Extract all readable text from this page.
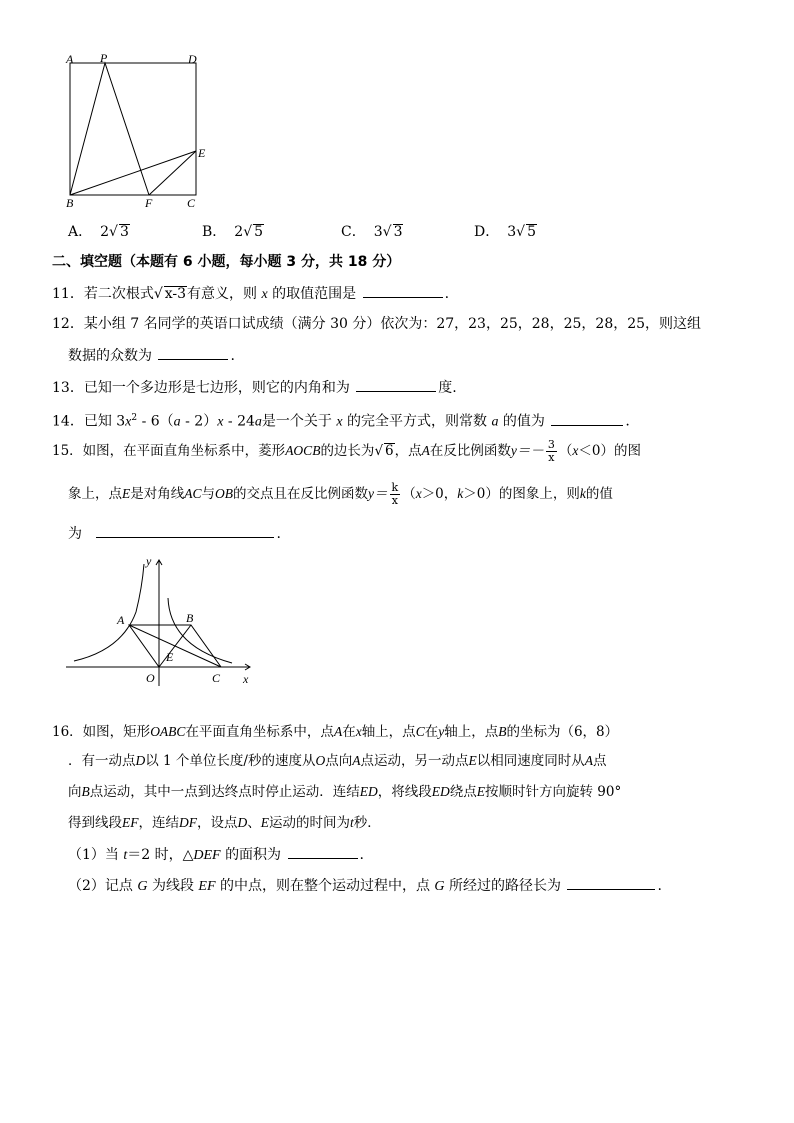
A P	D
E
B	F	C
A． 2√ 3	B． 2√ 5	C． 3√ 3	D． 3√ 5
二、填空题（本题有 6 小题，每小题 3 分，共 18 分）
11．若二次根式√ x-3有意义，则 x 的取值范围是	.
12．某小组 7 名同学的英语口试成绩（满分 30 分）依次为：27，23，25，28，25，28，25，则这组
数据的众数为	.
13．已知一个多边形是七边形，则它的内角和为	度.
14．已知 $3x^2 - 6(a - 2)x - 24a$是一个关于 x 的完全平方式，则常数 a 的值为	.
15．如图，在平面直角坐标系中，菱形AOCB的边长为√ 6，点A在反比例函数$y=- \frac{3}{x} (x<0)$的图
象上，点E是对角线AC与OB的交点且在反比例函数$y= \frac{k}{x} (x>0$，k＞0）的图象上，则k的值
为	.
y
x
O
A	B
C
E
16．如图，矩形OABC在平面直角坐标系中，点A在x轴上，点C在y轴上，点B的坐标为（6，8）
．有一动点D以 1 个单位长度/秒的速度从O点向A点运动，另一动点E以相同速度同时从A点
向B点运动，其中一点到达终点时停止运动．连结ED，将线段ED绕点E按顺时针方向旋转 90°
得到线段EF，连结DF，设点D、E运动的时间为t秒．
（1）当 t＝2 时，△DEF 的面积为	.
（2）记点 G 为线段 EF 的中点，则在整个运动过程中，点 G 所经过的路径长为	.
